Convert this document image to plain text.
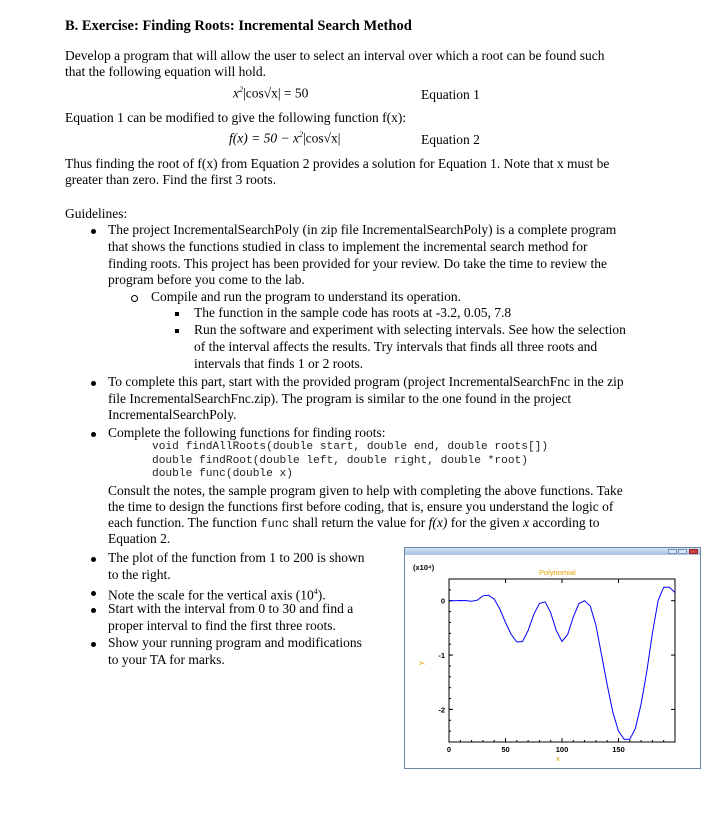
B. Exercise: Finding Roots: Incremental Search Method
Develop a program that will allow the user to select an interval over which a root can be found such
that the following equation will hold.
$x^2|\cos√x| = 50$	Equation 1
Equation 1 can be modified to give the following function f(x):
$f(x) = 50 - x^2|\cos√x|$	Equation 2
Thus finding the root of f(x) from Equation 2 provides a solution for Equation 1. Note that x must be
greater than zero. Find the first 3 roots.
Guidelines:
The project IncrementalSearchPoly (in zip file IncrementalSearchPoly) is a complete program
that shows the functions studied in class to implement the incremental search method for
finding roots. This project has been provided for your review. Do take the time to review the
program before you come to the lab.
Compile and run the program to understand its operation.
The function in the sample code has roots at -3.2, 0.05, 7.8
Run the software and experiment with selecting intervals. See how the selection
of the interval affects the results. Try intervals that finds all three roots and
intervals that finds 1 or 2 roots.
To complete this part, start with the provided program (project IncrementalSearchFnc in the zip
file IncrementalSearchFnc.zip). The program is similar to the one found in the project
IncrementalSearchPoly.
Complete the following functions for finding roots:
void findAllRoots(double start, double end, double roots[])
double findRoot(double left, double right, double *root)
double func(double x)
Consult the notes, the sample program given to help with completing the above functions. Take
the time to design the functions first before coding, that is, ensure you understand the logic of
each function. The function func shall return the value for f(x) for the given x according to
Equation 2.
The plot of the function from 1 to 200 is shown
to the right.
Note the scale for the vertical axis $(10^4)$.
Start with the interval from 0 to 30 and find a
proper interval to find the first three roots.
Show your running program and modifications
to your TA for marks.
(x10⁴)
Polynomial
y
x
0	50	100	150
0
-1
-2
